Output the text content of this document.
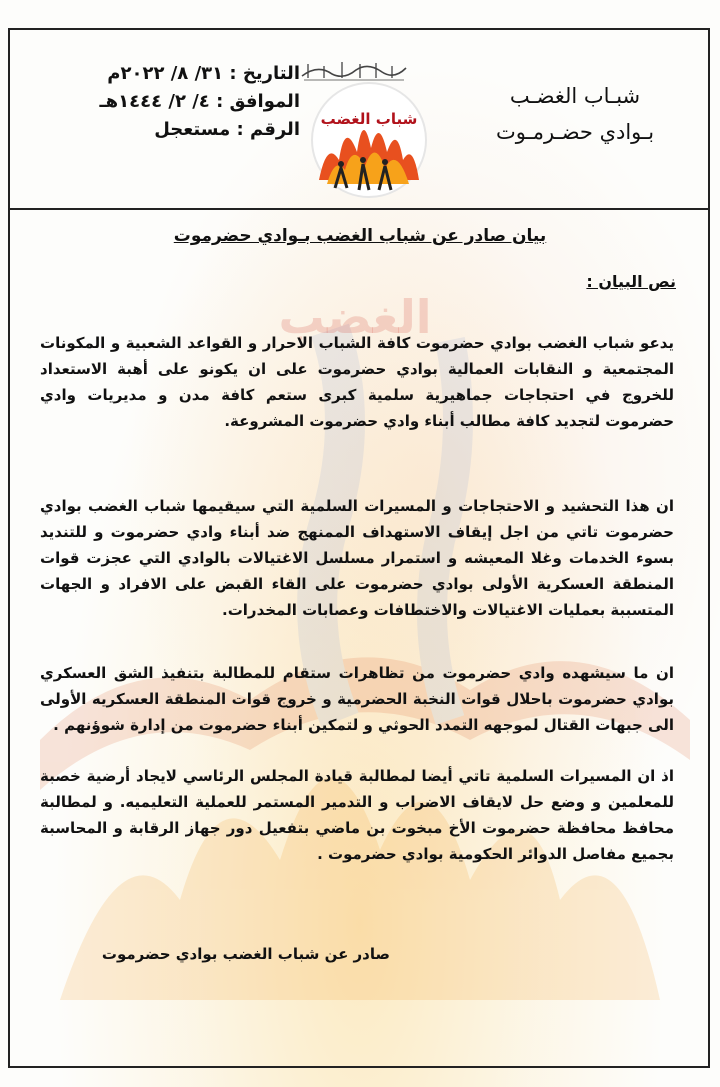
الغضب
شبـاب الغضـب
بـوادي حضـرمـوت
شباب الغضب
التاريخ : ٣١/ ٨/ ٢٠٢٢م
الموافق : ٤/ ٢/ ١٤٤٤هـ
الرقم : مستعجل
بيان صادر عن شباب الغضب بـوادي حضرموت
نص البيان :
يدعو شباب الغضب بوادي حضرموت كافة الشباب الاحرار و القواعد الشعبية و المكونات المجتمعية و النقابات العمالية بوادي حضرموت على ان يكونو على أهبة الاستعداد للخروج في احتجاجات جماهيرية سلمية كبرى ستعم كافة مدن و مديريات وادي حضرموت لتجديد كافة مطالب أبناء وادي حضرموت المشروعة.
ان هذا التحشيد و الاحتجاجات و المسيرات السلمية التي سيقيمها شباب الغضب بوادي حضرموت تاتي من اجل إيقاف الاستهداف الممنهج ضد أبناء وادي حضرموت و للتنديد بسوء الخدمات وغلا المعيشه و استمرار مسلسل الاغتيالات بالوادي التي عجزت قوات المنطقة العسكرية الأولى بوادي حضرموت على القاء القبض على الافراد و الجهات المتسببة بعمليات الاغتيالات والاختطافات وعصابات المخدرات.
ان ما سيشهده وادي حضرموت من تظاهرات ستقام للمطالبة بتنفيذ الشق العسكري بوادي حضرموت باحلال قوات النخبة الحضرمية و خروج قوات المنطقة العسكريه الأولى الى جبهات القتال لموجهه التمدد الحوثي و لتمكين أبناء حضرموت من إدارة شوؤنهم .
اذ ان المسيرات السلمية تاتي أيضا لمطالبة قيادة المجلس الرئاسي لايجاد أرضية خصبة للمعلمين و وضع حل لايقاف الاضراب و التدمير المستمر للعملية التعليميه. و لمطالبة محافظ محافظة حضرموت الأخ مبخوت بن ماضي بتفعيل دور جهاز الرقابة و المحاسبة بجميع مفاصل الدوائر الحكومية بوادي حضرموت .
صادر عن شباب الغضب بوادي حضرموت
